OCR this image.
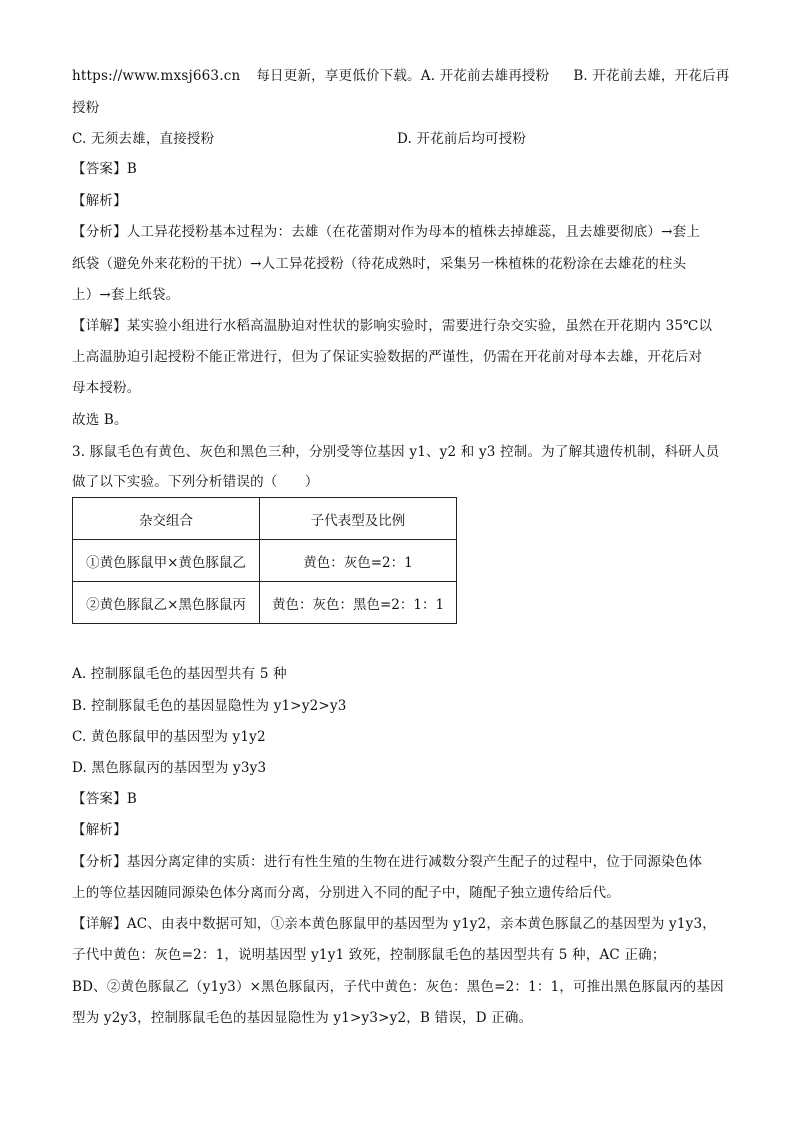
https://www.mxsj663.cn 每日更新，享更低价下载。A. 开花前去雄再授粉 B. 开花前去雄，开花后再
授粉
C. 无须去雄，直接授粉	D. 开花前后均可授粉
【答案】B
【解析】
【分析】人工异花授粉基本过程为：去雄（在花蕾期对作为母本的植株去掉雄蕊，且去雄要彻底）→套上
纸袋（避免外来花粉的干扰）→人工异花授粉（待花成熟时，采集另一株植株的花粉涂在去雄花的柱头
上）→套上纸袋。
【详解】某实验小组进行水稻高温胁迫对性状的影响实验时，需要进行杂交实验，虽然在开花期内 35℃以
上高温胁迫引起授粉不能正常进行，但为了保证实验数据的严谨性，仍需在开花前对母本去雄，开花后对
母本授粉。
故选 B。
3. 豚鼠毛色有黄色、灰色和黑色三种，分别受等位基因 y1、y2 和 y3 控制。为了解其遗传机制，科研人员
做了以下实验。下列分析错误的（　　）
杂交组合	子代表型及比例
①黄色豚鼠甲×黄色豚鼠乙	黄色：灰色=2：1
②黄色豚鼠乙×黑色豚鼠丙	黄色：灰色：黑色=2：1：1
A. 控制豚鼠毛色的基因型共有 5 种
B. 控制豚鼠毛色的基因显隐性为 y1>y2>y3
C. 黄色豚鼠甲的基因型为 y1y2
D. 黑色豚鼠丙的基因型为 y3y3
【答案】B
【解析】
【分析】基因分离定律的实质：进行有性生殖的生物在进行减数分裂产生配子的过程中，位于同源染色体
上的等位基因随同源染色体分离而分离，分别进入不同的配子中，随配子独立遗传给后代。
【详解】AC、由表中数据可知，①亲本黄色豚鼠甲的基因型为 y1y2，亲本黄色豚鼠乙的基因型为 y1y3，
子代中黄色：灰色=2：1，说明基因型 y1y1 致死，控制豚鼠毛色的基因型共有 5 种，AC 正确；
BD、②黄色豚鼠乙（y1y3）×黑色豚鼠丙，子代中黄色：灰色：黑色=2：1：1，可推出黑色豚鼠丙的基因
型为 y2y3，控制豚鼠毛色的基因显隐性为 y1>y3>y2，B 错误，D 正确。
